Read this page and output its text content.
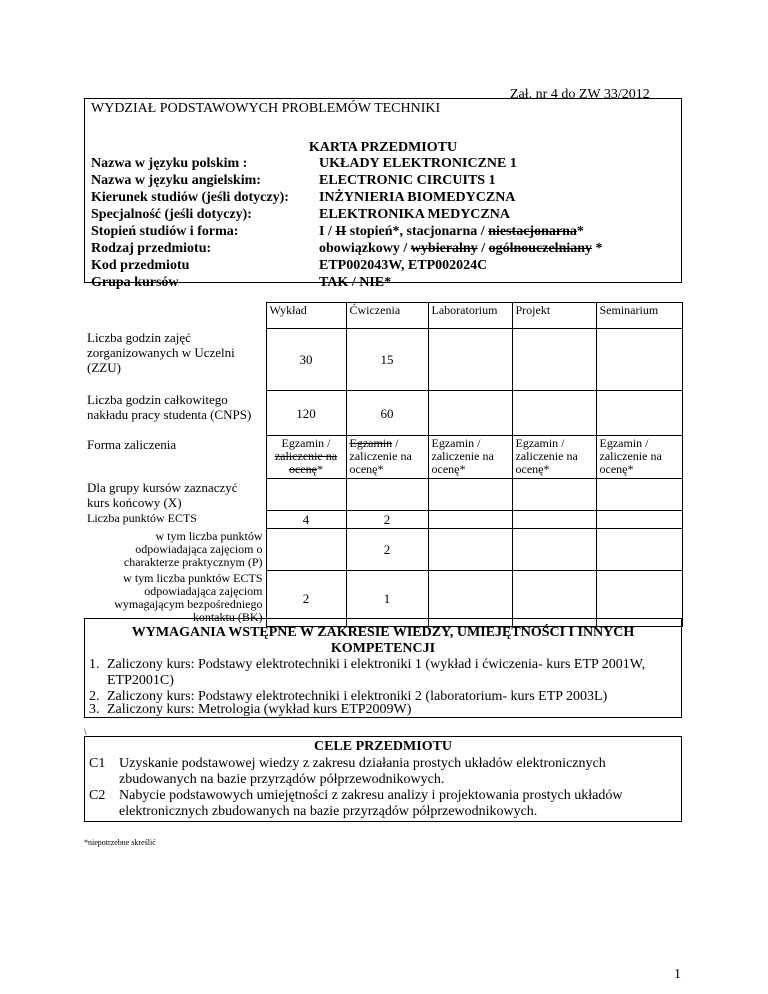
Zał. nr 4 do ZW 33/2012
WYDZIAŁ PODSTAWOWYCH PROBLEMÓW TECHNIKI
KARTA PRZEDMIOTU
Nazwa w języku polskim :	UKŁADY ELEKTRONICZNE 1
Nazwa w języku angielskim:	ELECTRONIC CIRCUITS 1
Kierunek studiów (jeśli dotyczy): INŻYNIERIA BIOMEDYCZNA
Specjalność (jeśli dotyczy):	ELEKTRONIKA MEDYCZNA
Stopień studiów i forma:	I / II stopień*, stacjonarna / niestacjonarna*
Rodzaj przedmiotu:	obowiązkowy / wybieralny / ogólnouczelniany *
Kod przedmiotu	ETP002043W, ETP002024C
Grupa kursów	TAK / NIE*
	Wykład	Ćwiczenia	Laboratorium	Projekt	Seminarium
Liczba godzin zajęć zorganizowanych w Uczelni (ZZU)	30	15			
Liczba godzin całkowitego nakładu pracy studenta (CNPS)	120	60			
Forma zaliczenia	Egzamin / zaliczenie na ocenę*	Egzamin / zaliczenie na ocenę*	Egzamin / zaliczenie na ocenę*	Egzamin / zaliczenie na ocenę*	Egzamin / zaliczenie na ocenę*
Dla grupy kursów zaznaczyć kurs końcowy (X)					
Liczba punktów ECTS	4	2			
w tym liczba punktów odpowiadająca zajęciom o charakterze praktycznym (P)		2			
w tym liczba punktów ECTS odpowiadająca zajęciom wymagającym bezpośredniego kontaktu (BK)	2	1			
WYMAGANIA WSTĘPNE W ZAKRESIE WIEDZY, UMIEJĘTNOŚCI I INNYCH KOMPETENCJI
1. Zaliczony kurs: Podstawy elektrotechniki i elektroniki 1 (wykład i ćwiczenia- kurs ETP 2001W, ETP2001C)
2. Zaliczony kurs: Podstawy elektrotechniki i elektroniki 2 (laboratorium- kurs ETP 2003L)
3. Zaliczony kurs: Metrologia (wykład kurs ETP2009W)
\
CELE PRZEDMIOTU
C1 Uzyskanie podstawowej wiedzy z zakresu działania prostych układów elektronicznych zbudowanych na bazie przyrządów półprzewodnikowych.
C2 Nabycie podstawowych umiejętności z zakresu analizy i projektowania prostych układów elektronicznych zbudowanych na bazie przyrządów półprzewodnikowych.
*niepotrzebne skreślić
1
